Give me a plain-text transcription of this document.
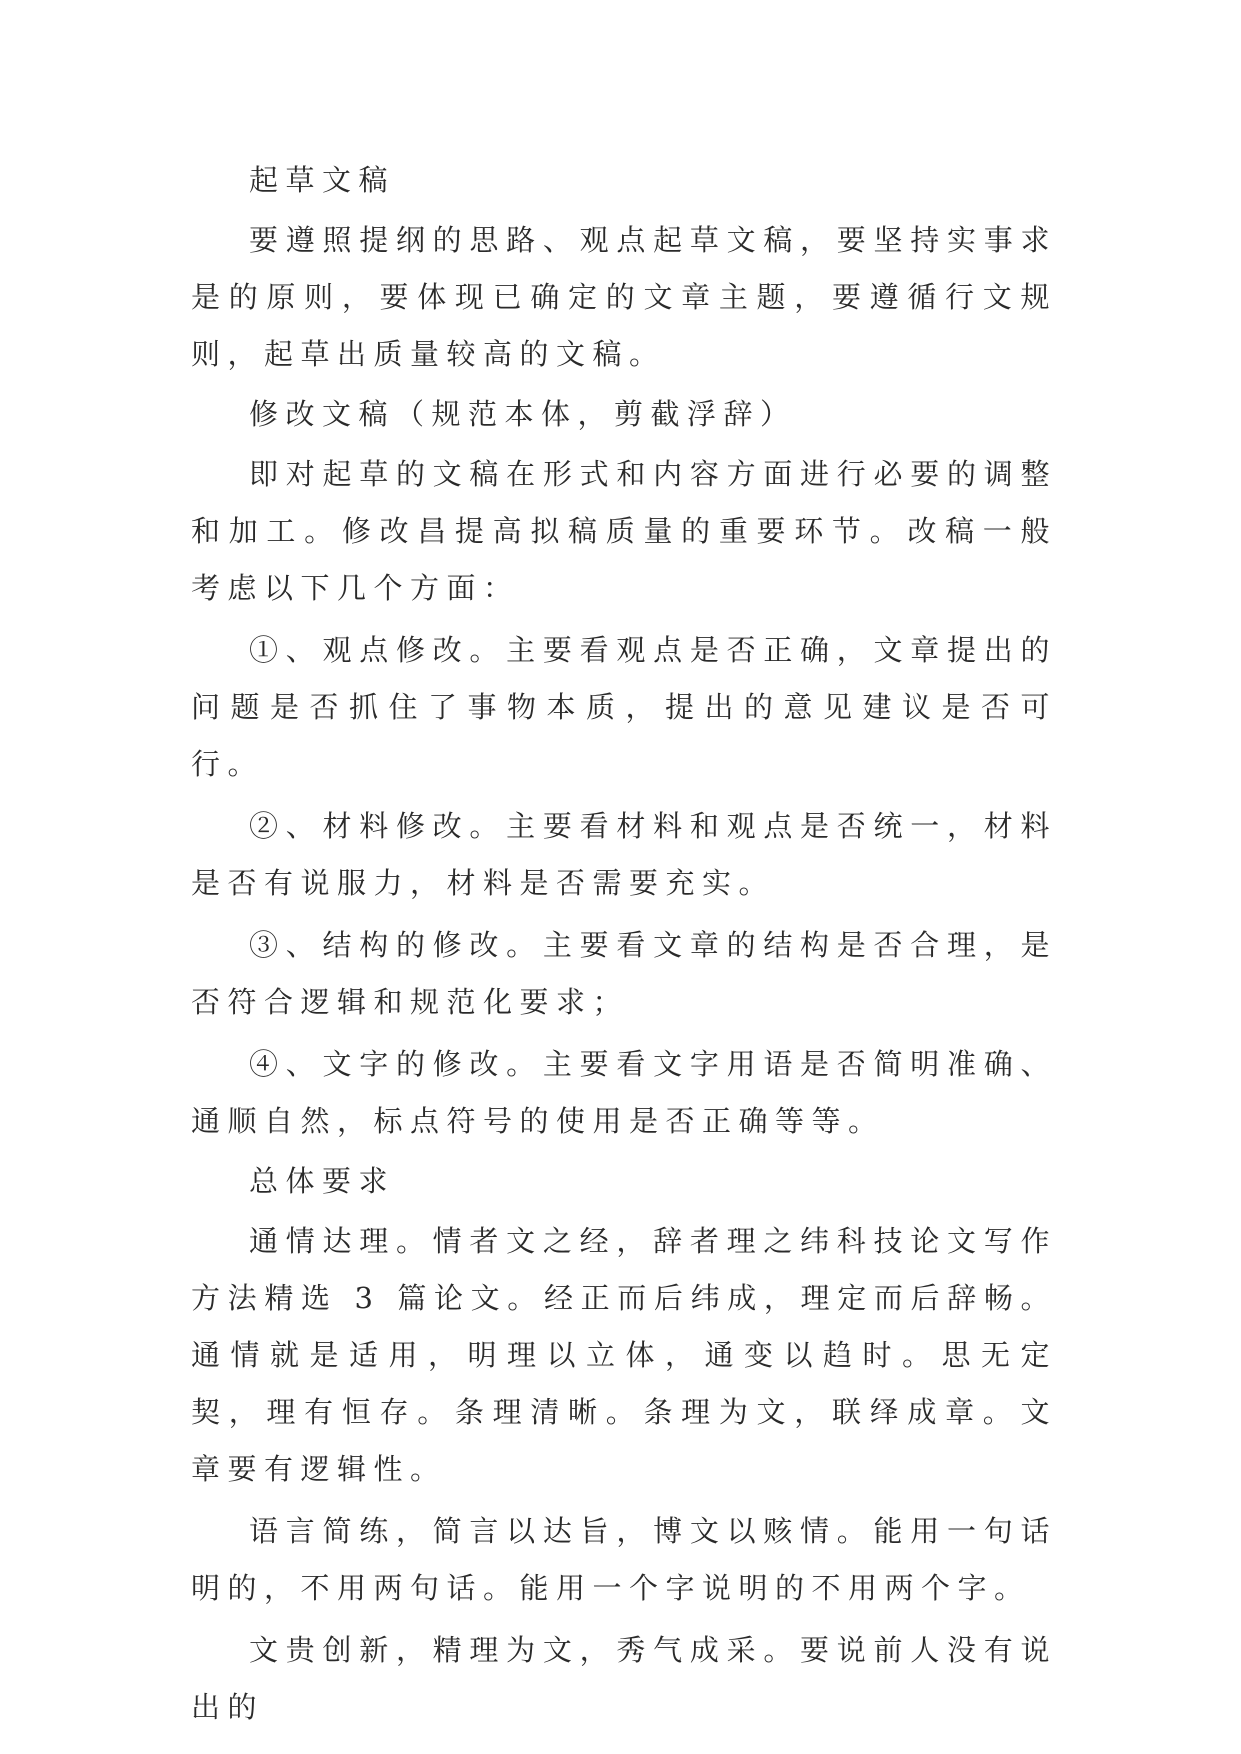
起草文稿

要遵照提纲的思路、观点起草文稿，要坚持实事求是的原则，要体现已确定的文章主题，要遵循行文规则，起草出质量较高的文稿。

修改文稿（规范本体，剪截浮辞）

即对起草的文稿在形式和内容方面进行必要的调整和加工。修改昌提高拟稿质量的重要环节。改稿一般考虑以下几个方面：

①、观点修改。主要看观点是否正确，文章提出的问题是否抓住了事物本质，提出的意见建议是否可行。

②、材料修改。主要看材料和观点是否统一，材料是否有说服力，材料是否需要充实。

③、结构的修改。主要看文章的结构是否合理，是否符合逻辑和规范化要求；

④、文字的修改。主要看文字用语是否简明准确、通顺自然，标点符号的使用是否正确等等。

总体要求

通情达理。情者文之经，辞者理之纬科技论文写作方法精选 3 篇论文。经正而后纬成，理定而后辞畅。通情就是适用，明理以立体，通变以趋时。思无定契，理有恒存。条理清晰。条理为文，联绎成章。文章要有逻辑性。

语言简练，简言以达旨，博文以赅情。能用一句话明的，不用两句话。能用一个字说明的不用两个字。

文贵创新，精理为文，秀气成采。要说前人没有说出的
